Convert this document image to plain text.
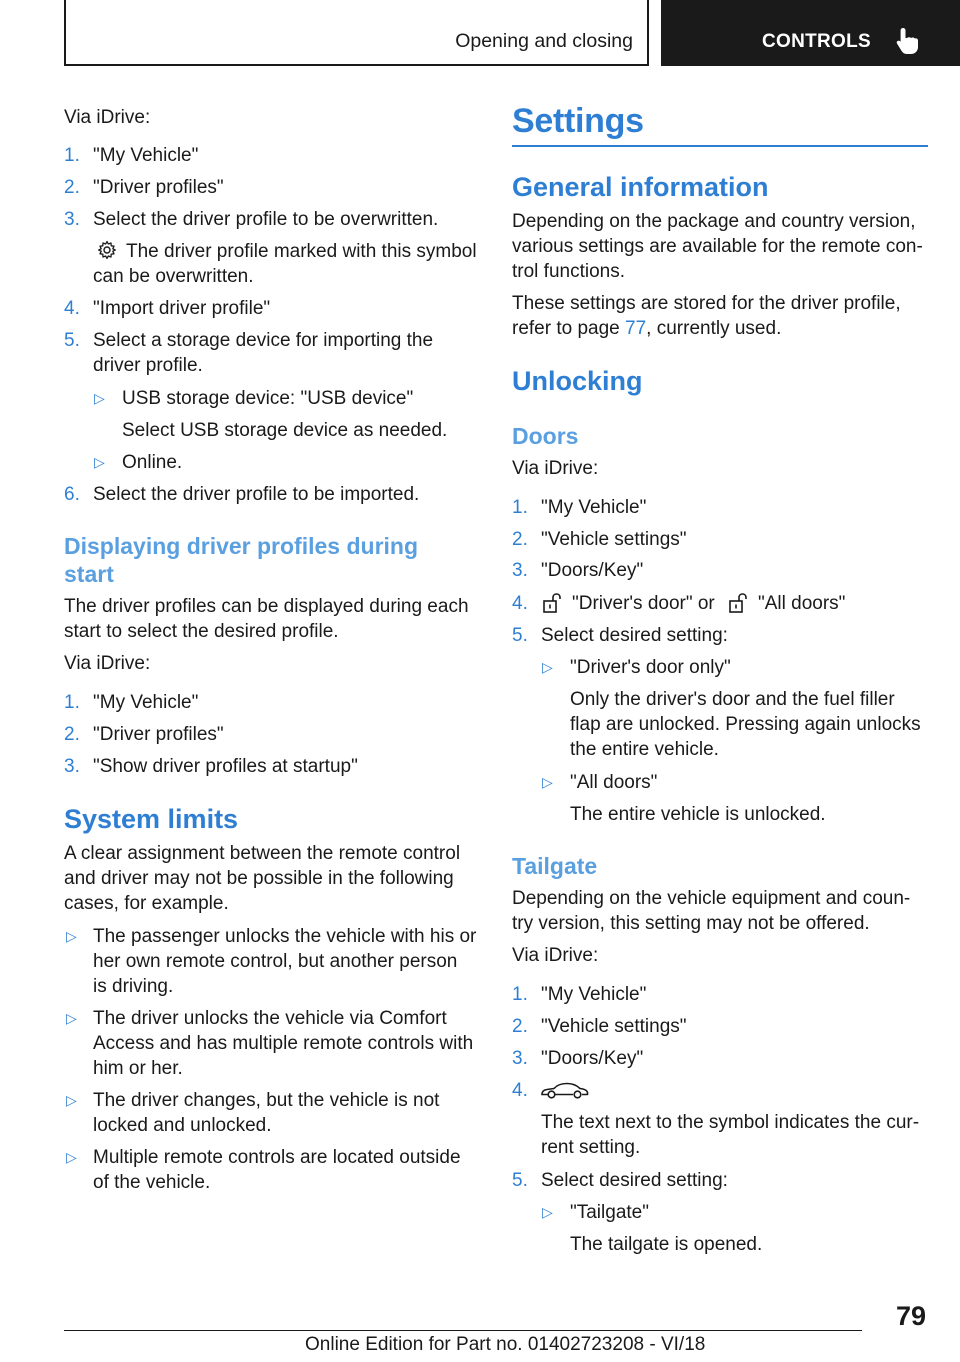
Opening and closing	CONTROLS
Via iDrive:
1. "My Vehicle"
2. "Driver profiles"
3. Select the driver profile to be overwritten.
The driver profile marked with this symbol
can be overwritten.
4. "Import driver profile"
5. Select a storage device for importing the
driver profile.
▷ USB storage device: "USB device"
Select USB storage device as needed.
▷ Online.
6. Select the driver profile to be imported.
Displaying driver profiles during
start
The driver profiles can be displayed during each
start to select the desired profile.
Via iDrive:
1. "My Vehicle"
2. "Driver profiles"
3. "Show driver profiles at startup"
System limits
A clear assignment between the remote control
and driver may not be possible in the following
cases, for example.
▷ The passenger unlocks the vehicle with his or
her own remote control, but another person
is driving.
▷ The driver unlocks the vehicle via Comfort
Access and has multiple remote controls with
him or her.
▷ The driver changes, but the vehicle is not
locked and unlocked.
▷ Multiple remote controls are located outside
of the vehicle.
Settings
General information
Depending on the package and country version,
various settings are available for the remote con-
trol functions.
These settings are stored for the driver profile,
refer to page 77, currently used.
Unlocking
Doors
Via iDrive:
1. "My Vehicle"
2. "Vehicle settings"
3. "Doors/Key"
4. "Driver's door" or "All doors"
5. Select desired setting:
▷ "Driver's door only"
Only the driver's door and the fuel filler
flap are unlocked. Pressing again unlocks
the entire vehicle.
▷ "All doors"
The entire vehicle is unlocked.
Tailgate
Depending on the vehicle equipment and coun-
try version, this setting may not be offered.
Via iDrive:
1. "My Vehicle"
2. "Vehicle settings"
3. "Doors/Key"
4.
The text next to the symbol indicates the cur-
rent setting.
5. Select desired setting:
▷ "Tailgate"
The tailgate is opened.
79
Online Edition for Part no. 01402723208 - VI/18
